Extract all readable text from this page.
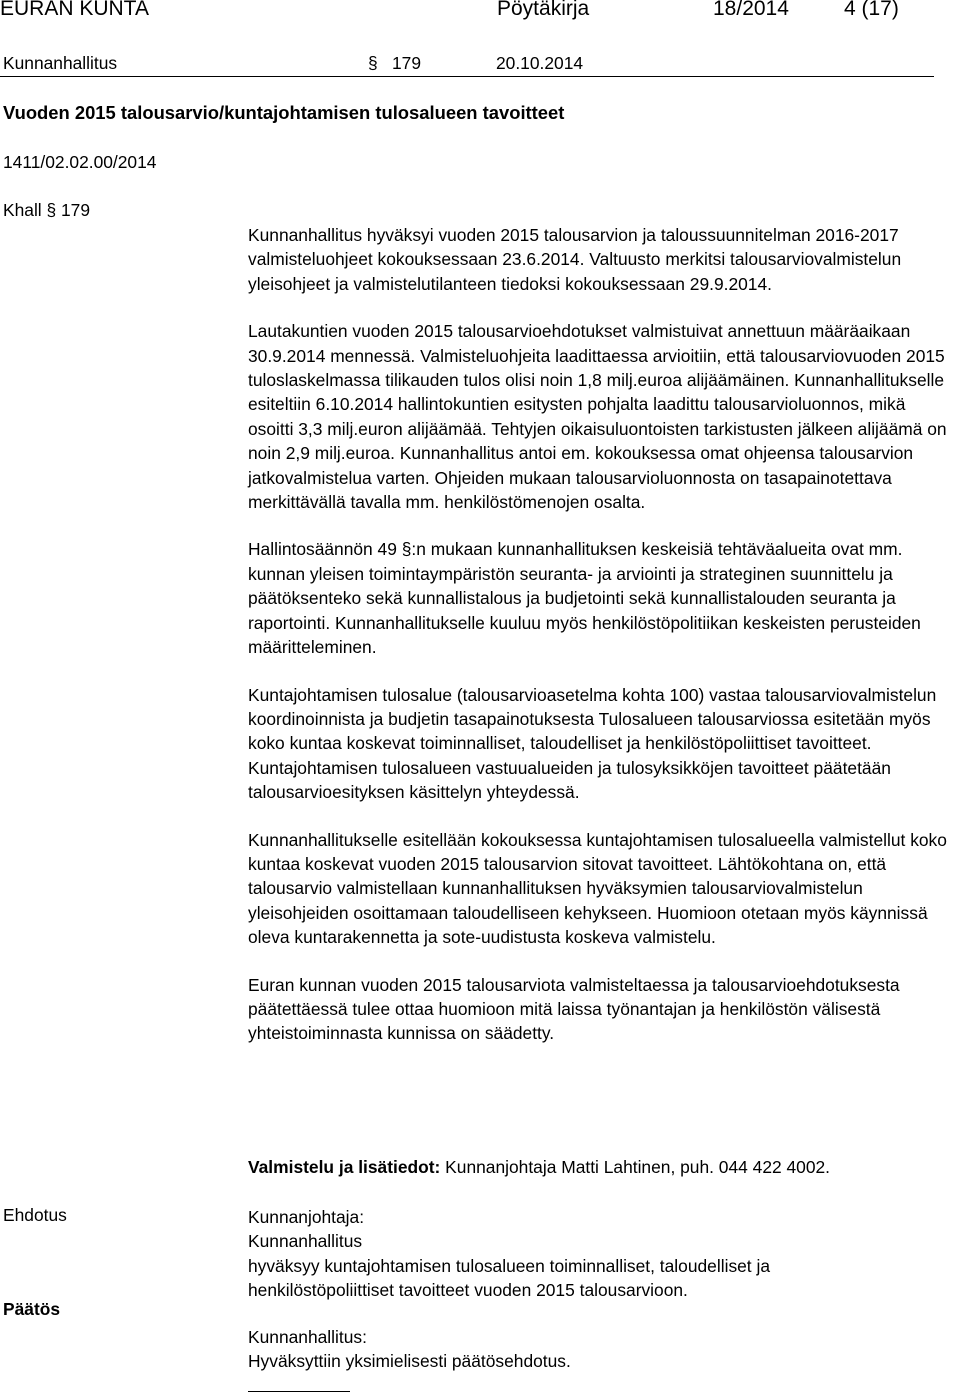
EURAN KUNTA	Pöytäkirja	18/2014	4 (17)
Kunnanhallitus	§ 179	20.10.2014
Vuoden 2015 talousarvio/kuntajohtamisen tulosalueen tavoitteet
1411/02.02.00/2014
Khall § 179

Kunnanhallitus hyväksyi vuoden 2015 talousarvion ja taloussuunnitelman 2016-2017 valmisteluohjeet kokouksessaan 23.6.2014. Valtuusto merkitsi talousarviovalmistelun yleisohjeet ja valmistelutilanteen tiedoksi kokouksessaan 29.9.2014.

Lautakuntien vuoden 2015 talousarvioehdotukset valmistuivat annettuun määräaikaan 30.9.2014 mennessä. Valmisteluohjeita laadittaessa arvioitiin, että talousarviovuoden 2015 tuloslaskelmassa tilikauden tulos olisi noin 1,8 milj.euroa alijäämäinen. Kunnanhallitukselle esiteltiin 6.10.2014 hallintokuntien esitysten pohjalta laadittu talousarvioluonnos, mikä osoitti 3,3 milj.euron alijäämää. Tehtyjen oikaisuluontoisten tarkistusten jälkeen alijäämä on noin 2,9 milj.euroa. Kunnanhallitus antoi em. kokouksessa omat ohjeensa talousarvion jatkovalmistelua varten. Ohjeiden mukaan talousarvioluonnosta on tasapainotettava merkittävällä tavalla mm. henkilöstömenojen osalta.

Hallintosäännön 49 §:n mukaan kunnanhallituksen keskeisiä tehtäväalueita ovat mm. kunnan yleisen toimintaympäristön seuranta- ja arviointi ja strateginen suunnittelu ja päätöksenteko sekä kunnallistalous ja budjetointi sekä kunnallistalouden seuranta ja raportointi. Kunnanhallitukselle kuuluu myös henkilöstöpolitiikan keskeisten perusteiden määritteleminen.

Kuntajohtamisen tulosalue (talousarvioasetelma kohta 100) vastaa talousarviovalmistelun koordinoinnista ja budjetin tasapainotuksesta Tulosalueen talousarviossa esitetään myös koko kuntaa koskevat toiminnalliset, taloudelliset ja henkilöstöpoliittiset tavoitteet. Kuntajohtamisen tulosalueen vastuualueiden ja tulosyksikköjen tavoitteet päätetään talousarvioesityksen käsittelyn yhteydessä.

Kunnanhallitukselle esitellään kokouksessa kuntajohtamisen tulosalueella valmistellut koko kuntaa koskevat vuoden 2015 talousarvion sitovat tavoitteet. Lähtökohtana on, että talousarvio valmistellaan kunnanhallituksen hyväksymien talousarviovalmistelun yleisohjeiden osoittamaan taloudelliseen kehykseen. Huomioon otetaan myös käynnissä oleva kuntarakennetta ja sote-uudistusta koskeva valmistelu.

Euran kunnan vuoden 2015 talousarviota valmisteltaessa ja talousarvioehdotuksesta päätettäessä tulee ottaa huomioon mitä laissa työnantajan ja henkilöstön välisestä yhteistoiminnasta kunnissa on säädetty.

Valmistelu ja lisätiedot: Kunnanjohtaja Matti Lahtinen, puh. 044 422 4002.
Ehdotus	Kunnanjohtaja:
Kunnanhallitus
hyväksyy kuntajohtamisen tulosalueen toiminnalliset, taloudelliset ja
henkilöstöpoliittiset tavoitteet vuoden 2015 talousarvioon.
Päätös
Kunnanhallitus:
Hyväksyttiin yksimielisesti päätösehdotus.
